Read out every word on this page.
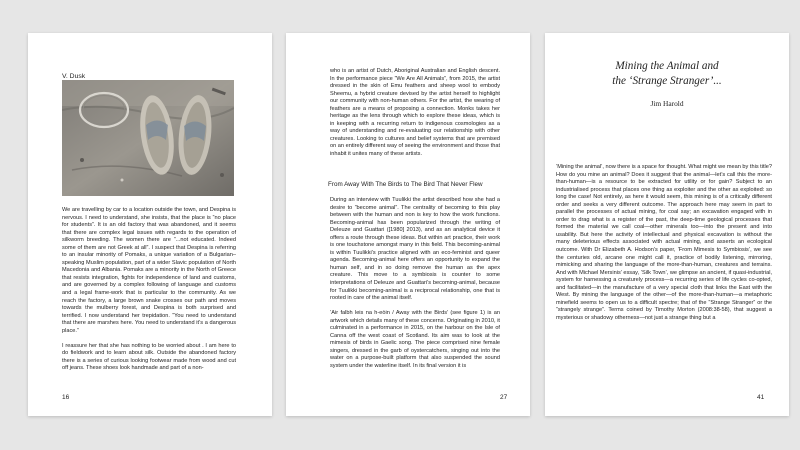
V. Dusk

We are travelling by car to a location outside the town, and Despina is nervous. I need to understand, she insists, that the place is “no place for students”. It is an old factory that was abandoned, and it seems that there are complex legal issues with regards to the operation of silkworm breeding. The women there are “...not educated. Indeed some of them are not Greek at all”. I suspect that Despina is referring to an insular minority of Pomaks, a unique variation of a Bulgarian–speaking Muslim population, part of a wider Slavic population of North Macedonia and Albania. Pomaks are a minority in the North of Greece that resists integration, fights for independence of land and customs, and are governed by a complex following of language and customs and a legal frame-work that is particular to the community. As we reach the factory, a large brown snake crosses our path and moves towards the mulberry forest, and Despina is both surprised and terrified. I now understand her trepidation. “You need to understand that there are marshes here. You need to understand it’s a dangerous place.”

I reassure her that she has nothing to be worried about . I am here to do fieldwork and to learn about silk. Outside the abandoned factory there is a series of curious looking footwear made from wood and cut off jeans. These shoes look handmade and part of a non-

16

who is an artist of Dutch, Aboriginal Australian and English descent. In the performance piece “We Are All Animals”, from 2015, the artist dressed in the skin of Emu feathers and sheep wool to embody Sheemu, a hybrid creature devised by the artist herself to highlight our community with non-human others. For the artist, the wearing of feathers are a means of proposing a connection. Monks takes her heritage as the lens through which to explore these ideas, which is in keeping with a recurring return to indigenous cosmologies as a way of understanding and re-evaluating our relationship with other creatures. Looking to cultures and belief systems that are premised on an entirely different way of seeing the environment and those that inhabit it unites many of these artists.

From Away With The Birds to The Bird That Never Flew

During an interview with Tuulikki the artist described how she had a desire to “become animal”. The centrality of becoming to this play between with the human and non is key to how the work functions. Becoming-animal has been popularized through the writing of Deleuze and Guattari ([1980] 2013), and as an analytical device it offers a route through these ideas. But within art practice, their work is one touchstone amongst many in this field. This becoming-animal is within Tuulikki’s practice aligned with an eco-feminist and queer agenda. Becoming-animal here offers an opportunity to expand the human self, and in so doing remove the human as the apex creature. This move to a symbiosis is counter to some interpretations of Deleuze and Guattari’s becoming-animal, because for Tuulikki becoming-animal is a reciprocal relationship, one that is rooted in care of the animal itself.

‘Air falbh leis na h-eòin / Away with the Birds’ (see figure 1) is an artwork which details many of these concerns. Originating in 2010, it culminated in a performance in 2015, on the harbour on the Isle of Canna off the west coast of Scotland. Its aim was to look at the mimesis of birds in Gaelic song. The piece comprised nine female singers, dressed in the garb of oystercatchers, singing out into the water on a purpose-built platform that also suspended the sound system under the waterline itself. In its final version it is

27
Mining the Animal and
the ‘Strange Stranger’...
Jim Harold

‘Mining the animal’, now there is a space for thought. What might we mean by this title? How do you mine an animal? Does it suggest that the animal—let’s call this the more-than-human—is a resource to be extracted for utility or for gain? Subject to an industrialised process that places one thing as exploiter and the other as exploited: so long the case! Not entirely, as here it would seem, this mining is of a critically different order and seeks a very different outcome. The approach here may seem in part to parallel the processes of actual mining, for coal say; an excavation engaged with in order to drag what is a register of the past, the deep-time geological processes that formed the material we call coal—other minerals too—into the present and into usability. But here the activity of intellectual and physical excavation is without the many deleterious effects associated with actual mining, and asserts an ecological outcome. With Dr Elizabeth A. Hodson’s paper, ‘From Mimesis to Symbiosis’, we see the centuries old, arcane one might call it, practice of bodily listening, mirroring, mimicking and sharing the language of the more-than-human, creatures and terrains. And with Michael Mersinis’ essay, ‘Silk Town’, we glimpse an ancient, if quasi-industrial, system for harnessing a creaturely process—a recurring series of life cycles co-opted, and facilitated—in the manufacture of a very special cloth that links the East with the West. By mining the language of the other—of the more-than-human—a metaphoric minefield seems to open us to a difficult spectre; that of the “Strange Stranger” or the “strangely strange”. Terms coined by Timothy Morton (2008:38-58), that suggest a mysterious or shadowy otherness—not just a strange thing but a

41
